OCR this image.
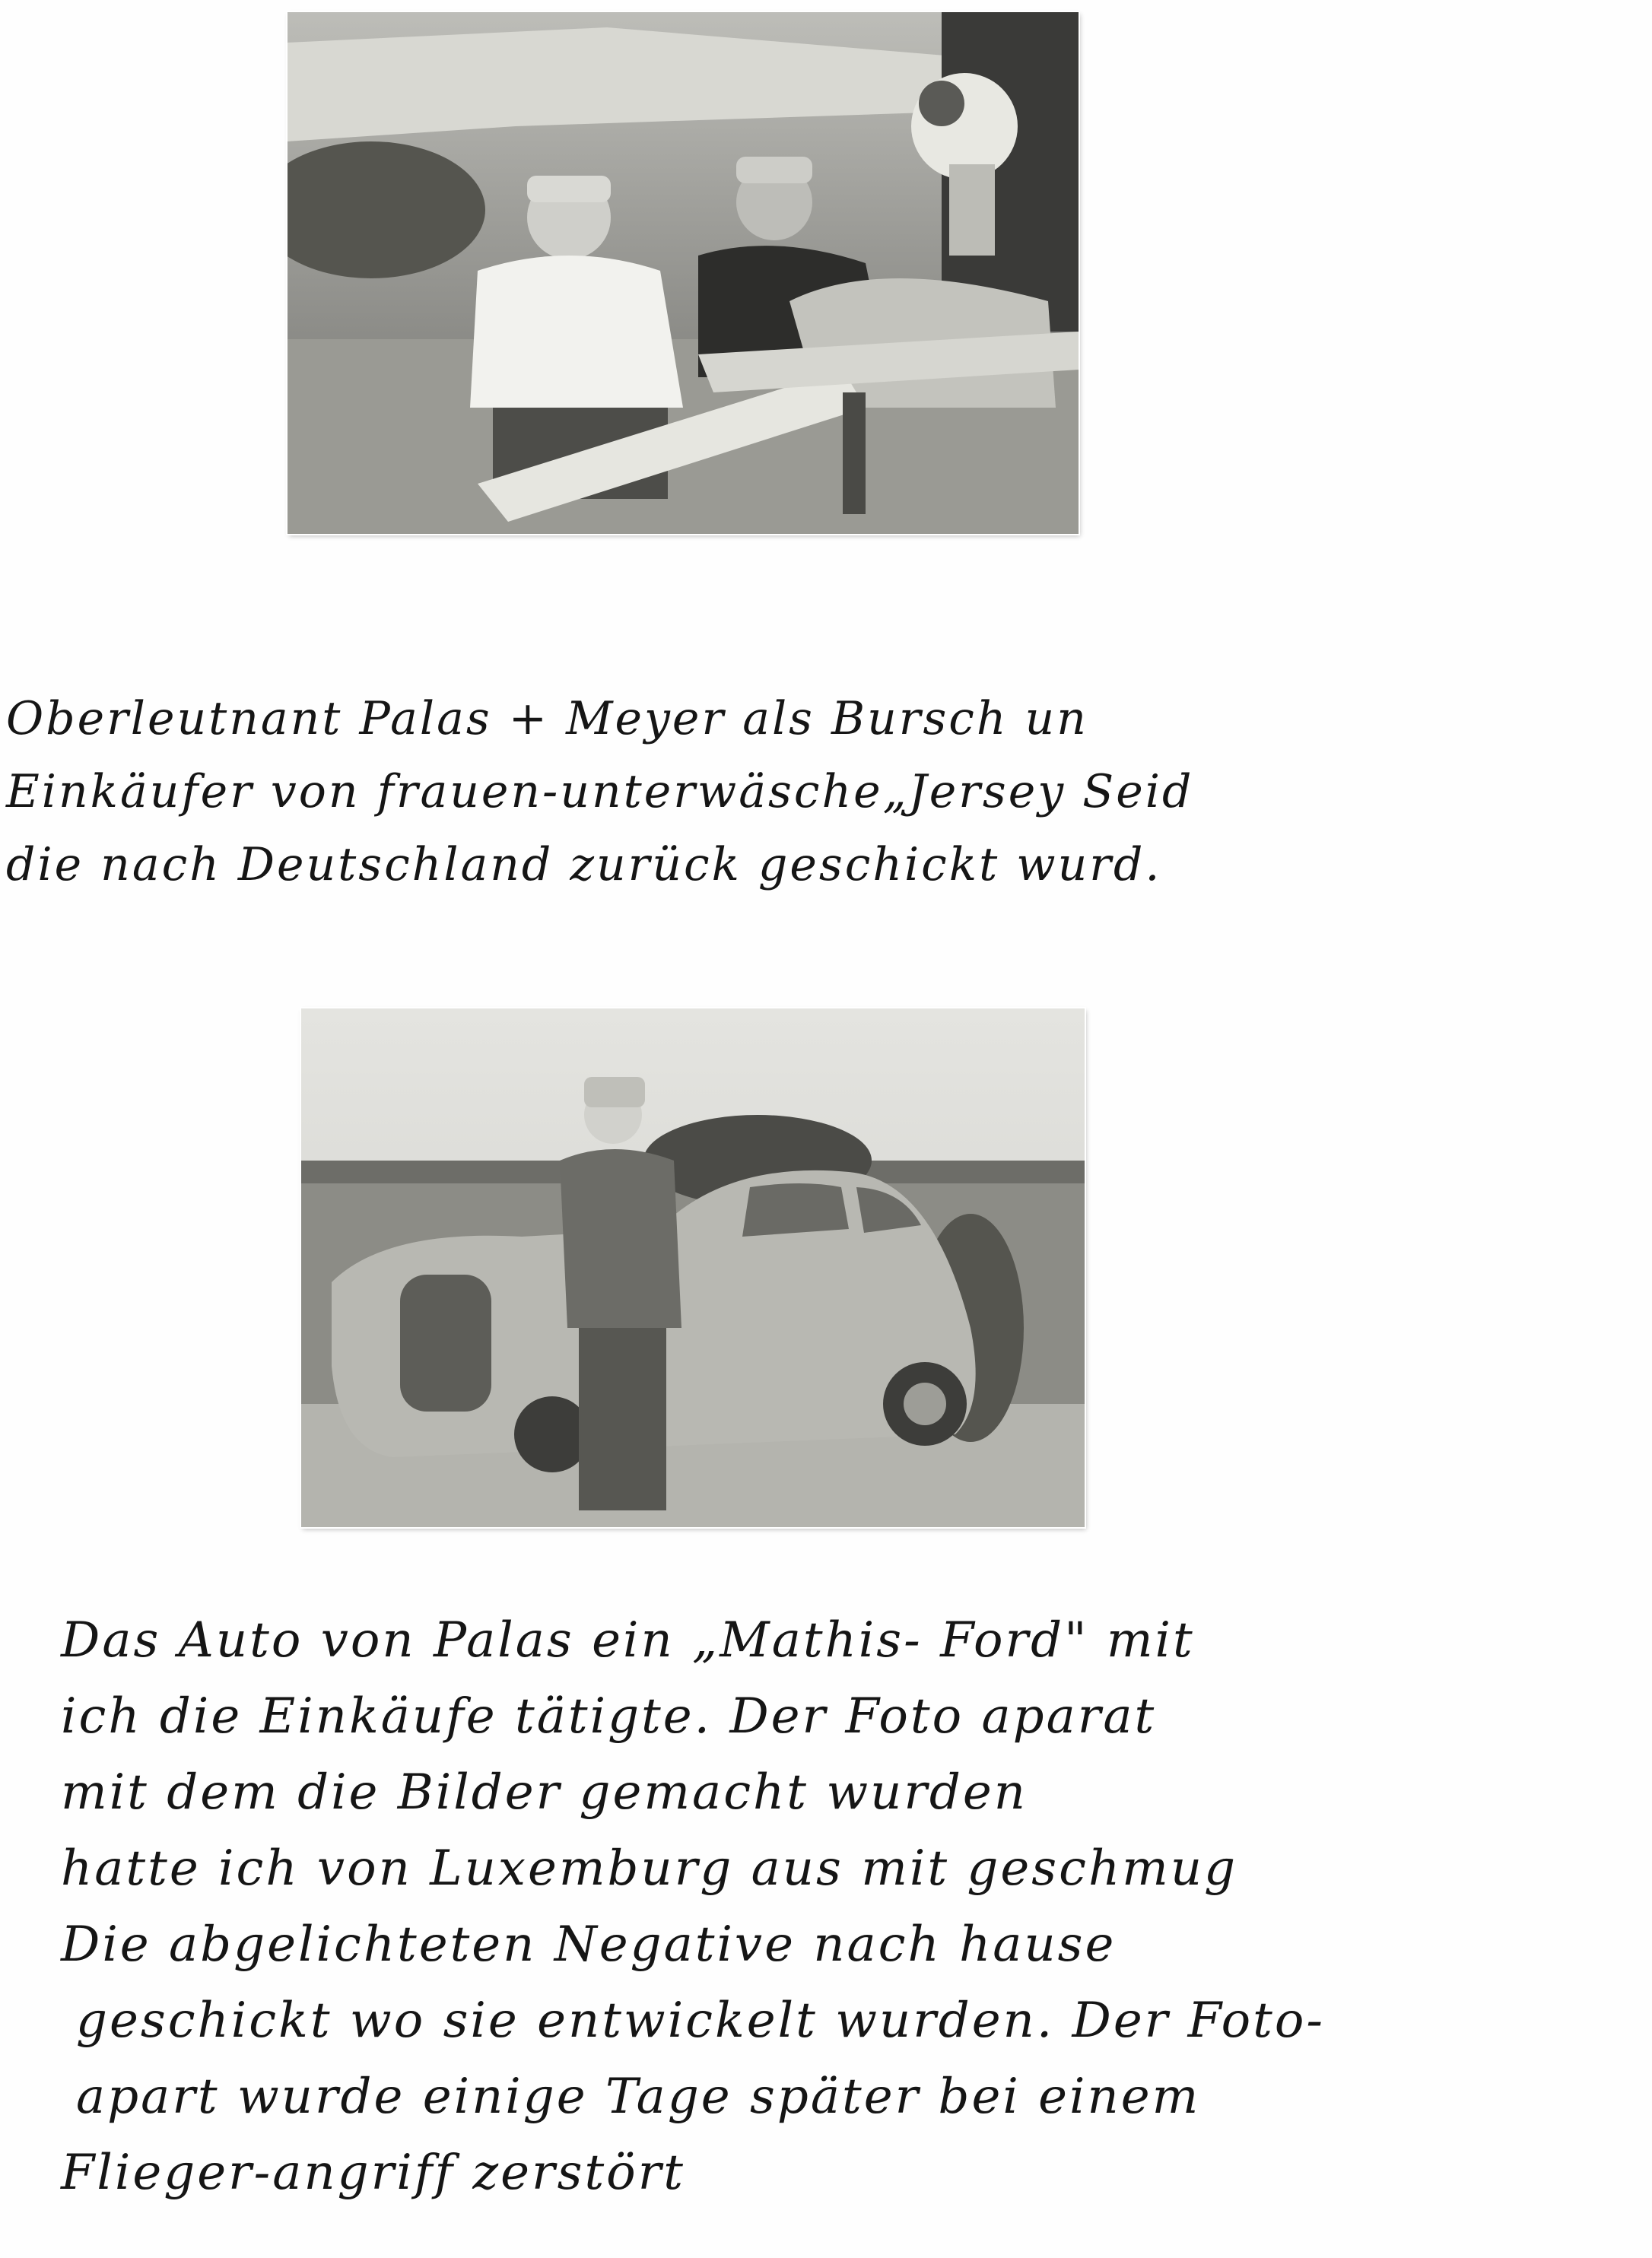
Oberleutnant Palas + Meyer als Bursch un
Einkäufer von frauen-unterwäsche„Jersey Seid
die nach Deutschland zurück geschickt wurd.
Das Auto von Palas ein „Mathis- Ford" mit
ich die Einkäufe tätigte. Der Foto aparat
mit dem die Bilder gemacht wurden
hatte ich von Luxemburg aus mit geschmug
Die abgelichteten Negative nach hause
geschickt wo sie entwickelt wurden. Der Foto-
apart wurde einige Tage später bei einem
Flieger-angriff zerstört
